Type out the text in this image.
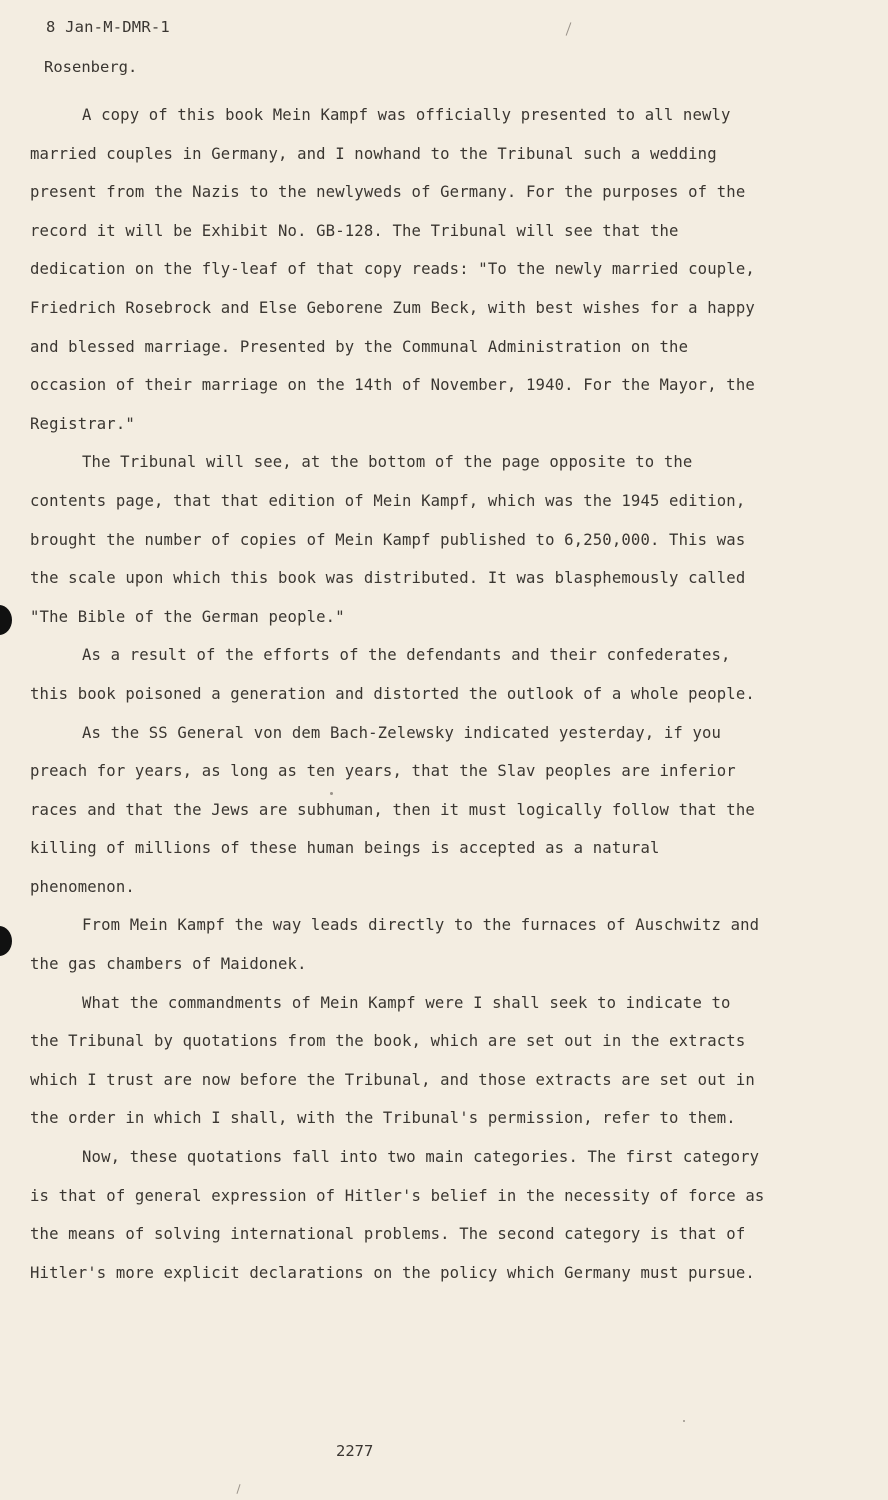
8 Jan-M-DMR-1
Rosenberg.

A copy of this book Mein Kampf was officially presented to all newly married couples in Germany, and I nowhand to the Tribunal such a wedding present from the Nazis to the newlyweds of Germany. For the purposes of the record it will be Exhibit No. GB-128. The Tribunal will see that the dedication on the fly-leaf of that copy reads: "To the newly married couple, Friedrich Rosebrock and Else Geborene Zum Beck, with best wishes for a happy and blessed marriage. Presented by the Communal Administration on the occasion of their marriage on the 14th of November, 1940. For the Mayor, the Registrar."

The Tribunal will see, at the bottom of the page opposite to the contents page, that that edition of Mein Kampf, which was the 1945 edition, brought the number of copies of Mein Kampf published to 6,250,000. This was the scale upon which this book was distributed. It was blasphemously called "The Bible of the German people."

As a result of the efforts of the defendants and their confederates, this book poisoned a generation and distorted the outlook of a whole people.

As the SS General von dem Bach-Zelewsky indicated yesterday, if you preach for years, as long as ten years, that the Slav peoples are inferior races and that the Jews are subhuman, then it must logically follow that the killing of millions of these human beings is accepted as a natural phenomenon.

From Mein Kampf the way leads directly to the furnaces of Auschwitz and the gas chambers of Maidonek.

What the commandments of Mein Kampf were I shall seek to indicate to the Tribunal by quotations from the book, which are set out in the extracts which I trust are now before the Tribunal, and those extracts are set out in the order in which I shall, with the Tribunal's permission, refer to them.

Now, these quotations fall into two main categories. The first category is that of general expression of Hitler's belief in the necessity of force as the means of solving international problems. The second category is that of Hitler's more explicit declarations on the policy which Germany must pursue.

2277
